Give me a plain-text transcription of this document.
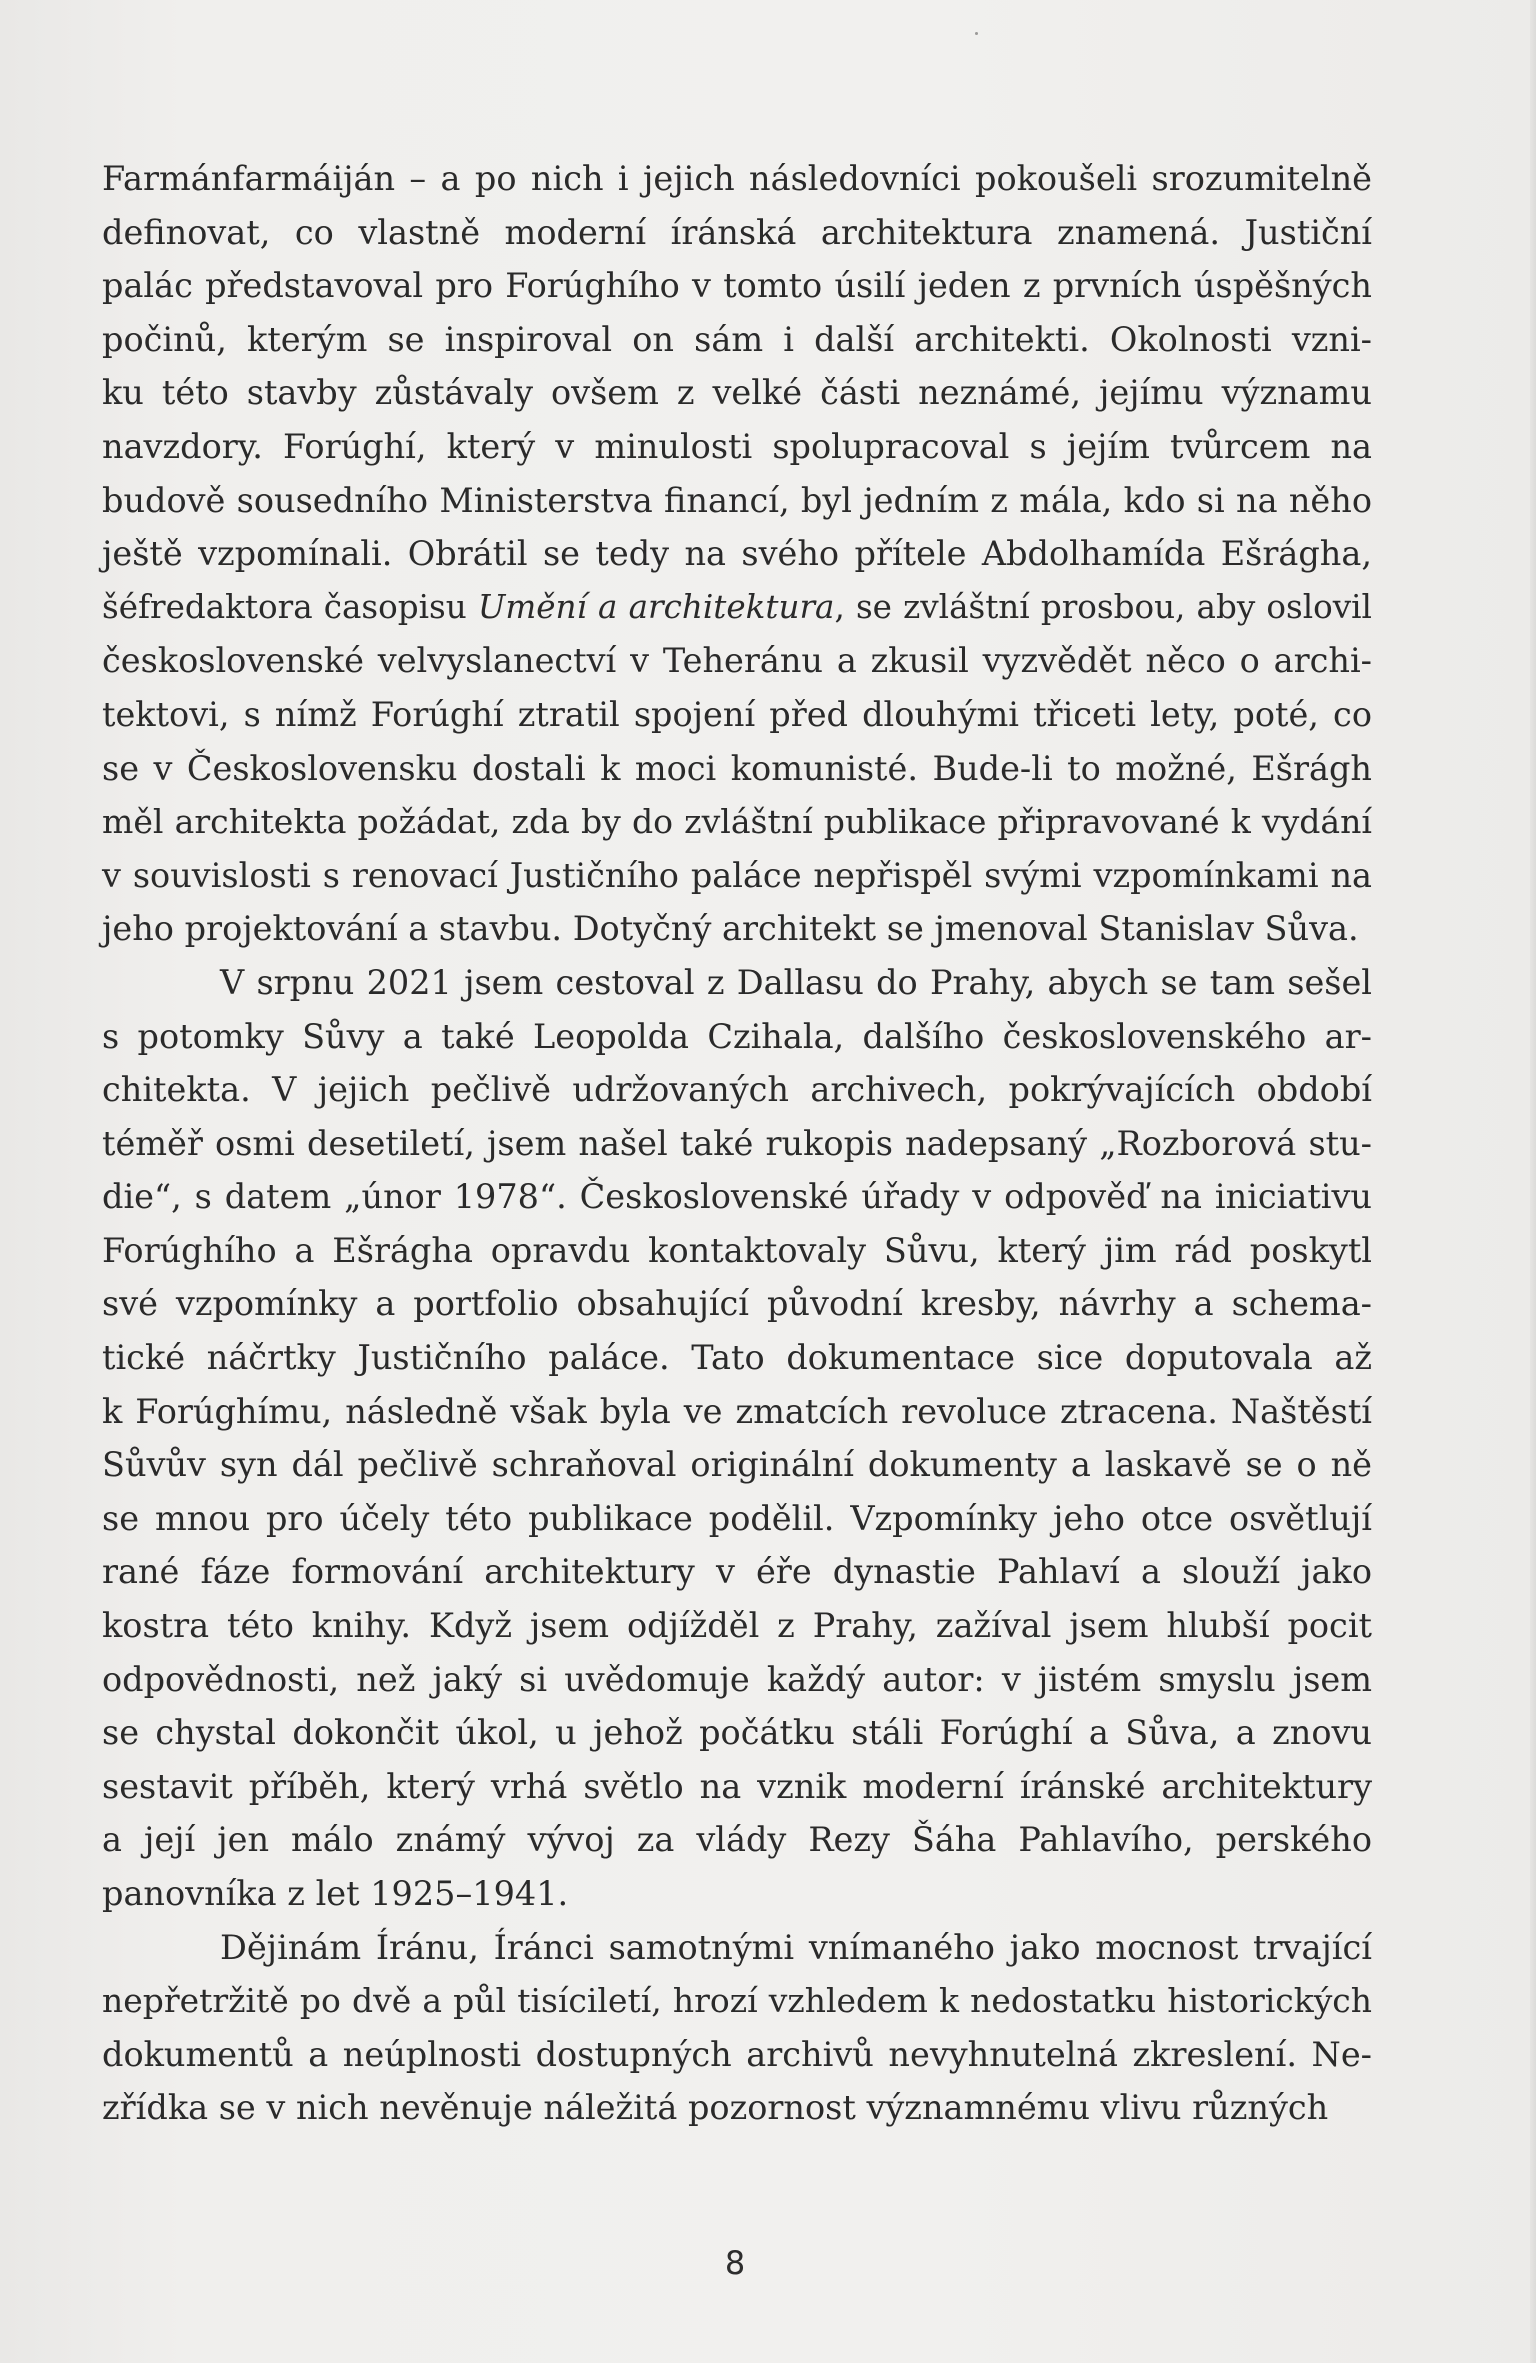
Farmánfarmáiján – a po nich i jejich následovníci pokoušeli srozumitelně
definovat, co vlastně moderní íránská architektura znamená. Justiční
palác představoval pro Forúghího v tomto úsilí jeden z prvních úspěšných
počinů, kterým se inspiroval on sám i další architekti. Okolnosti vzni-
ku této stavby zůstávaly ovšem z velké části neznámé, jejímu významu
navzdory. Forúghí, který v minulosti spolupracoval s jejím tvůrcem na
budově sousedního Ministerstva financí, byl jedním z mála, kdo si na něho
ještě vzpomínali. Obrátil se tedy na svého přítele Abdolhamída Ešrágha,
šéfredaktora časopisu Umění a architektura, se zvláštní prosbou, aby oslovil
československé velvyslanectví v Teheránu a zkusil vyzvědět něco o archi-
tektovi, s nímž Forúghí ztratil spojení před dlouhými třiceti lety, poté, co
se v Československu dostali k moci komunisté. Bude-li to možné, Ešrágh
měl architekta požádat, zda by do zvláštní publikace připravované k vydání
v souvislosti s renovací Justičního paláce nepřispěl svými vzpomínkami na
jeho projektování a stavbu. Dotyčný architekt se jmenoval Stanislav Sůva.
V srpnu 2021 jsem cestoval z Dallasu do Prahy, abych se tam sešel
s potomky Sůvy a také Leopolda Czihala, dalšího československého ar-
chitekta. V jejich pečlivě udržovaných archivech, pokrývajících období
téměř osmi desetiletí, jsem našel také rukopis nadepsaný „Rozborová stu-
die“, s datem „únor 1978“. Československé úřady v odpověď na iniciativu
Forúghího a Ešrágha opravdu kontaktovaly Sůvu, který jim rád poskytl
své vzpomínky a portfolio obsahující původní kresby, návrhy a schema-
tické náčrtky Justičního paláce. Tato dokumentace sice doputovala až
k Forúghímu, následně však byla ve zmatcích revoluce ztracena. Naštěstí
Sůvův syn dál pečlivě schraňoval originální dokumenty a laskavě se o ně
se mnou pro účely této publikace podělil. Vzpomínky jeho otce osvětlují
rané fáze formování architektury v éře dynastie Pahlaví a slouží jako
kostra této knihy. Když jsem odjížděl z Prahy, zažíval jsem hlubší pocit
odpovědnosti, než jaký si uvědomuje každý autor: v jistém smyslu jsem
se chystal dokončit úkol, u jehož počátku stáli Forúghí a Sůva, a znovu
sestavit příběh, který vrhá světlo na vznik moderní íránské architektury
a její jen málo známý vývoj za vlády Rezy Šáha Pahlavího, perského
panovníka z let 1925–1941.
Dějinám Íránu, Íránci samotnými vnímaného jako mocnost trvající
nepřetržitě po dvě a půl tisíciletí, hrozí vzhledem k nedostatku historických
dokumentů a neúplnosti dostupných archivů nevyhnutelná zkreslení. Ne-
zřídka se v nich nevěnuje náležitá pozornost významnému vlivu různých
8
